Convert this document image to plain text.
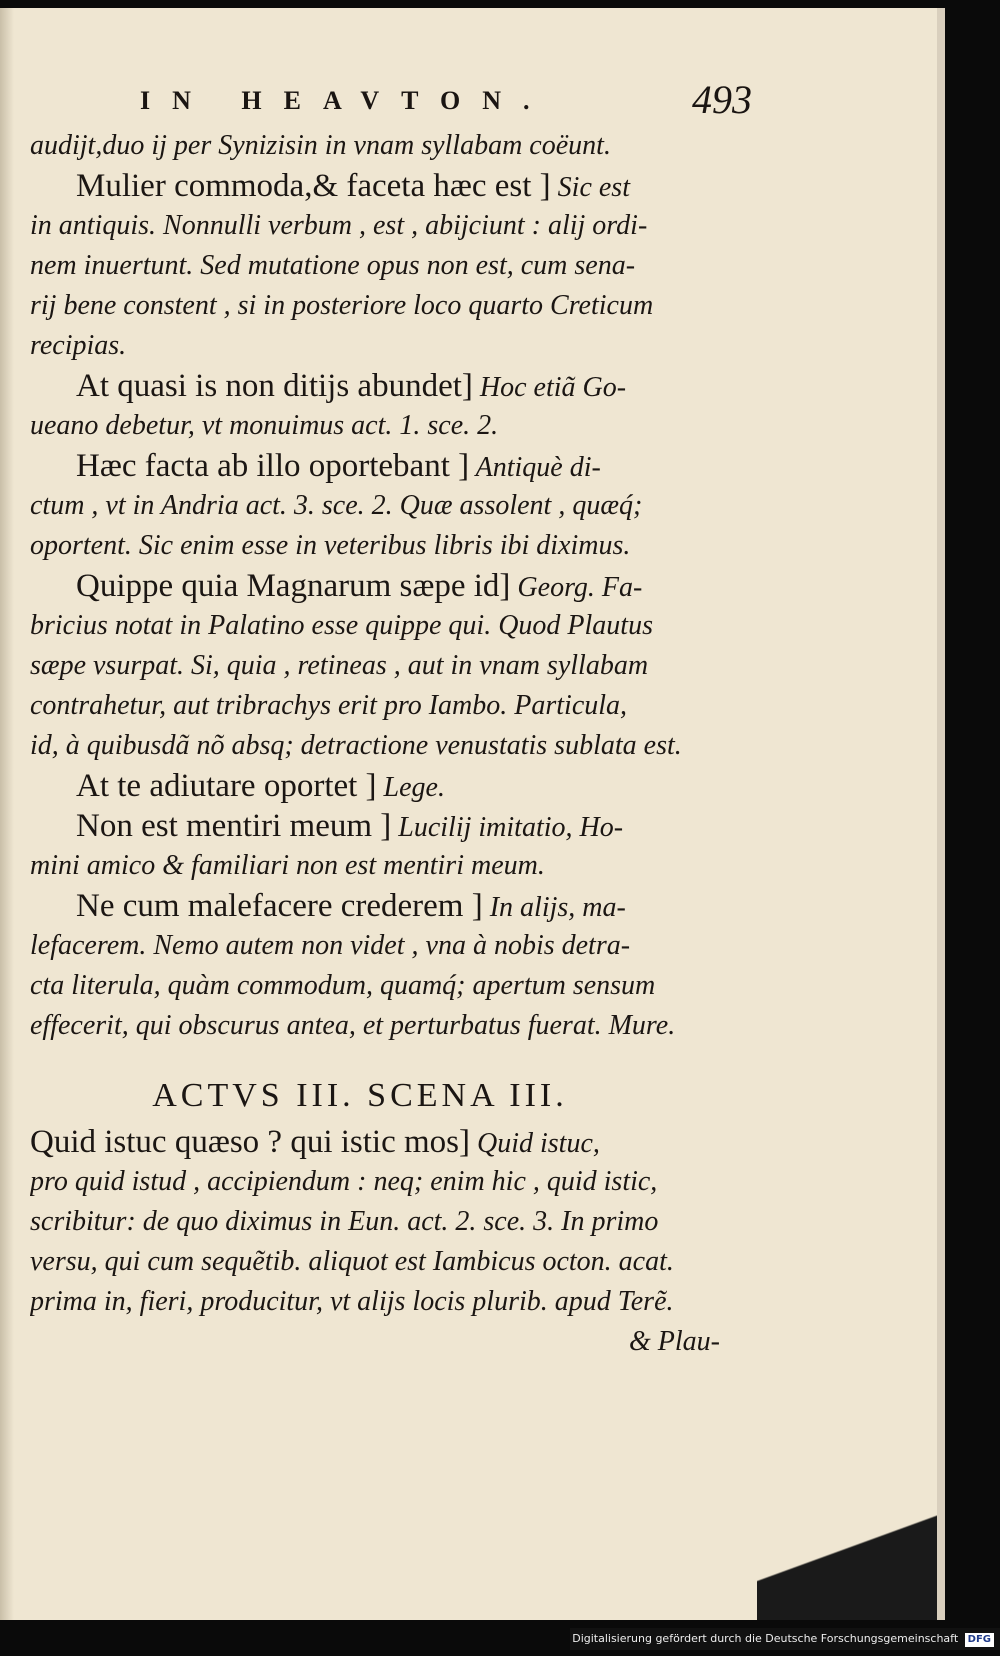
IN HEAVTON.	493
audijt,duo ij per Synizisin in vnam syllabam coëunt.
Mulier commoda,& faceta hæc est ] Sic est
in antiquis. Nonnulli verbum , est , abijciunt : alij ordi-
nem inuertunt. Sed mutatione opus non est, cum sena-
rij bene constent , si in posteriore loco quarto Creticum
recipias.
At quasi is non ditijs abundet] Hoc etiã Go-
ueano debetur, vt monuimus act. 1. sce. 2.
Hæc facta ab illo oportebant ] Antiquè di-
ctum , vt in Andria act. 3. sce. 2. Quæ assolent , quæq́;
oportent. Sic enim esse in veteribus libris ibi diximus.
Quippe quia Magnarum sæpe id] Georg. Fa-
bricius notat in Palatino esse quippe qui. Quod Plautus
sæpe vsurpat. Si, quia , retineas , aut in vnam syllabam
contrahetur, aut tribrachys erit pro Iambo. Particula,
id, à quibusdã nõ absq; detractione venustatis sublata est.
At te adiutare oportet ] Lege.
Non est mentiri meum ] Lucilij imitatio, Ho-
mini amico & familiari non est mentiri meum.
Ne cum malefacere crederem ] In alijs, ma-
lefacerem. Nemo autem non videt , vna à nobis detra-
cta literula, quàm commodum, quamq́; apertum sensum
effecerit, qui obscurus antea, et perturbatus fuerat. Mure.
ACTVS III. SCENA III.
Quid istuc quæso ? qui istic mos] Quid istuc,
pro quid istud , accipiendum : neq; enim hic , quid istic,
scribitur: de quo diximus in Eun. act. 2. sce. 3. In primo
versu, qui cum sequẽtib. aliquot est Iambicus octon. acat.
prima in, fieri, producitur, vt alijs locis plurib. apud Terẽ.
& Plau-
Digitalisierung gefördert durch die Deutsche Forschungsgemeinschaft DFG
